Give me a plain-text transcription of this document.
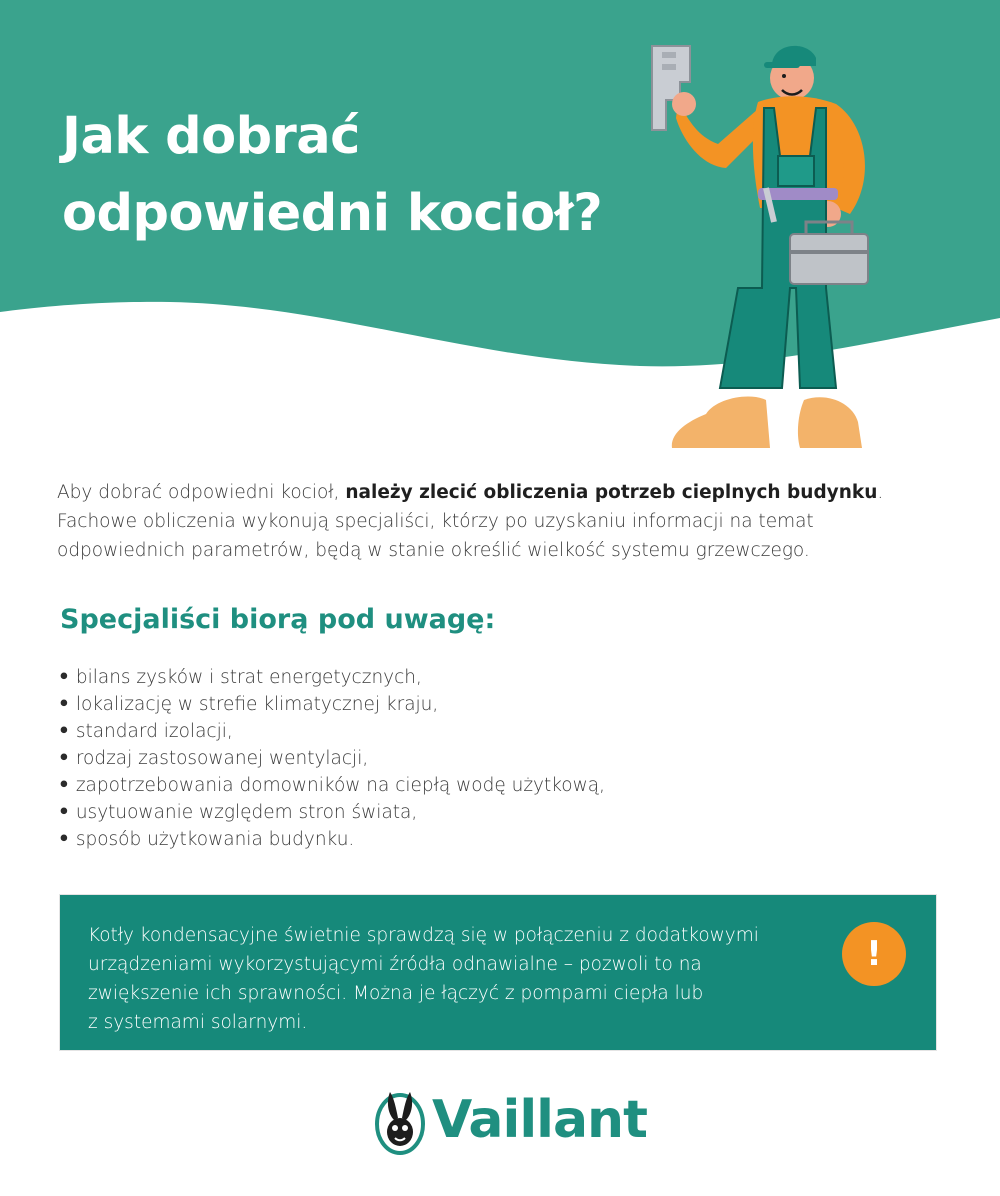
Jak dobrać
odpowiedni kocioł?

Aby dobrać odpowiedni kocioł, należy zlecić obliczenia potrzeb cieplnych budynku. Fachowe obliczenia wykonują specjaliści, którzy po uzyskaniu informacji na temat odpowiednich parametrów, będą w stanie określić wielkość systemu grzewczego.

Specjaliści biorą pod uwagę:
• bilans zysków i strat energetycznych,
• lokalizację w strefie klimatycznej kraju,
• standard izolacji,
• rodzaj zastosowanej wentylacji,
• zapotrzebowania domowników na ciepłą wodę użytkową,
• usytuowanie względem stron świata,
• sposób użytkowania budynku.

Kotły kondensacyjne świetnie sprawdzą się w połączeniu z dodatkowymi
urządzeniami wykorzystującymi źródła odnawialne – pozwoli to na
zwiększenie ich sprawności. Można je łączyć z pompami ciepła lub
z systemami solarnymi.

!
Vaillant
